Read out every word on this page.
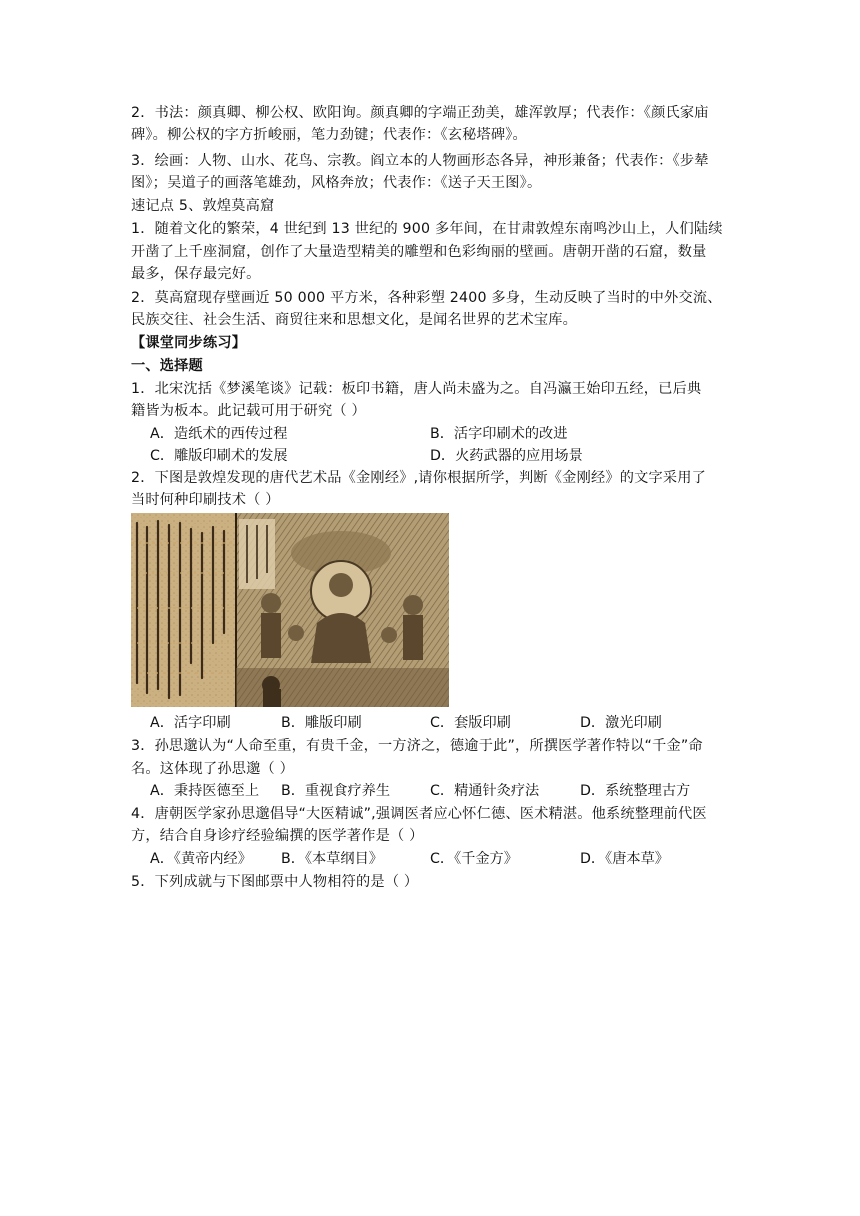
2．书法：颜真卿、柳公权、欧阳询。颜真卿的字端正劲美，雄浑敦厚；代表作：《颜氏家庙
碑》。柳公权的字方折峻丽，笔力劲键；代表作：《玄秘塔碑》。
3．绘画：人物、山水、花鸟、宗教。阎立本的人物画形态各异，神形兼备；代表作：《步辇
图》；吴道子的画落笔雄劲，风格奔放；代表作：《送子天王图》。
速记点 5、敦煌莫高窟
1．随着文化的繁荣，4 世纪到 13 世纪的 900 多年间，在甘肃敦煌东南鸣沙山上，人们陆续
开凿了上千座洞窟，创作了大量造型精美的雕塑和色彩绚丽的壁画。唐朝开凿的石窟，数量
最多，保存最完好。
2．莫高窟现存壁画近 50 000 平方米，各种彩塑 2400 多身，生动反映了当时的中外交流、
民族交往、社会生活、商贸往来和思想文化，是闻名世界的艺术宝库。
【课堂同步练习】
一、选择题
1．北宋沈括《梦溪笔谈》记载：板印书籍，唐人尚未盛为之。自冯瀛王始印五经，已后典
籍皆为板本。此记载可用于研究（ ）
A．造纸术的西传过程	B．活字印刷术的改进
C．雕版印刷术的发展	D．火药武器的应用场景
2．下图是敦煌发现的唐代艺术品《金刚经》,请你根据所学，判断《金刚经》的文字采用了
当时何种印刷技术（ ）
A．活字印刷	B．雕版印刷	C．套版印刷	D．激光印刷
3．孙思邈认为“人命至重，有贵千金，一方济之，德逾于此”，所撰医学著作特以“千金”命
名。这体现了孙思邈（ ）
A．秉持医德至上 B．重视食疗养生	C．精通针灸疗法	D．系统整理古方
4．唐朝医学家孙思邈倡导“大医精诚”,强调医者应心怀仁德、医术精湛。他系统整理前代医
方，结合自身诊疗经验编撰的医学著作是（ ）
A．《黄帝内经》 B．《本草纲目》	C．《千金方》	D．《唐本草》
5．下列成就与下图邮票中人物相符的是（ ）
